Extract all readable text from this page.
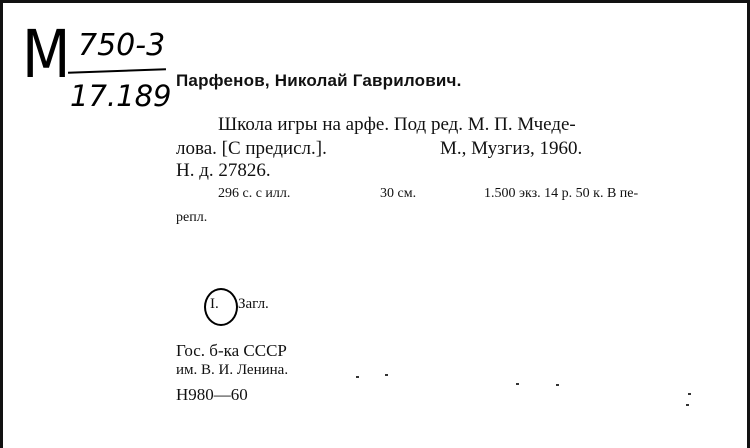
М 750-3
17.189 Парфенов, Николай Гаврилович.
Школа игры на арфе. Под ред. М. П. Мчеде-
лова. [С предисл.].	М., Музгиз, 1960.
Н. д. 27826.
296 с. с илл.	30 см.	1.500 экз. 14 р. 50 к. В пе-
репл.
I. Загл.
Гос. б-ка СССР
им. В. И. Ленина.
Н980—60
